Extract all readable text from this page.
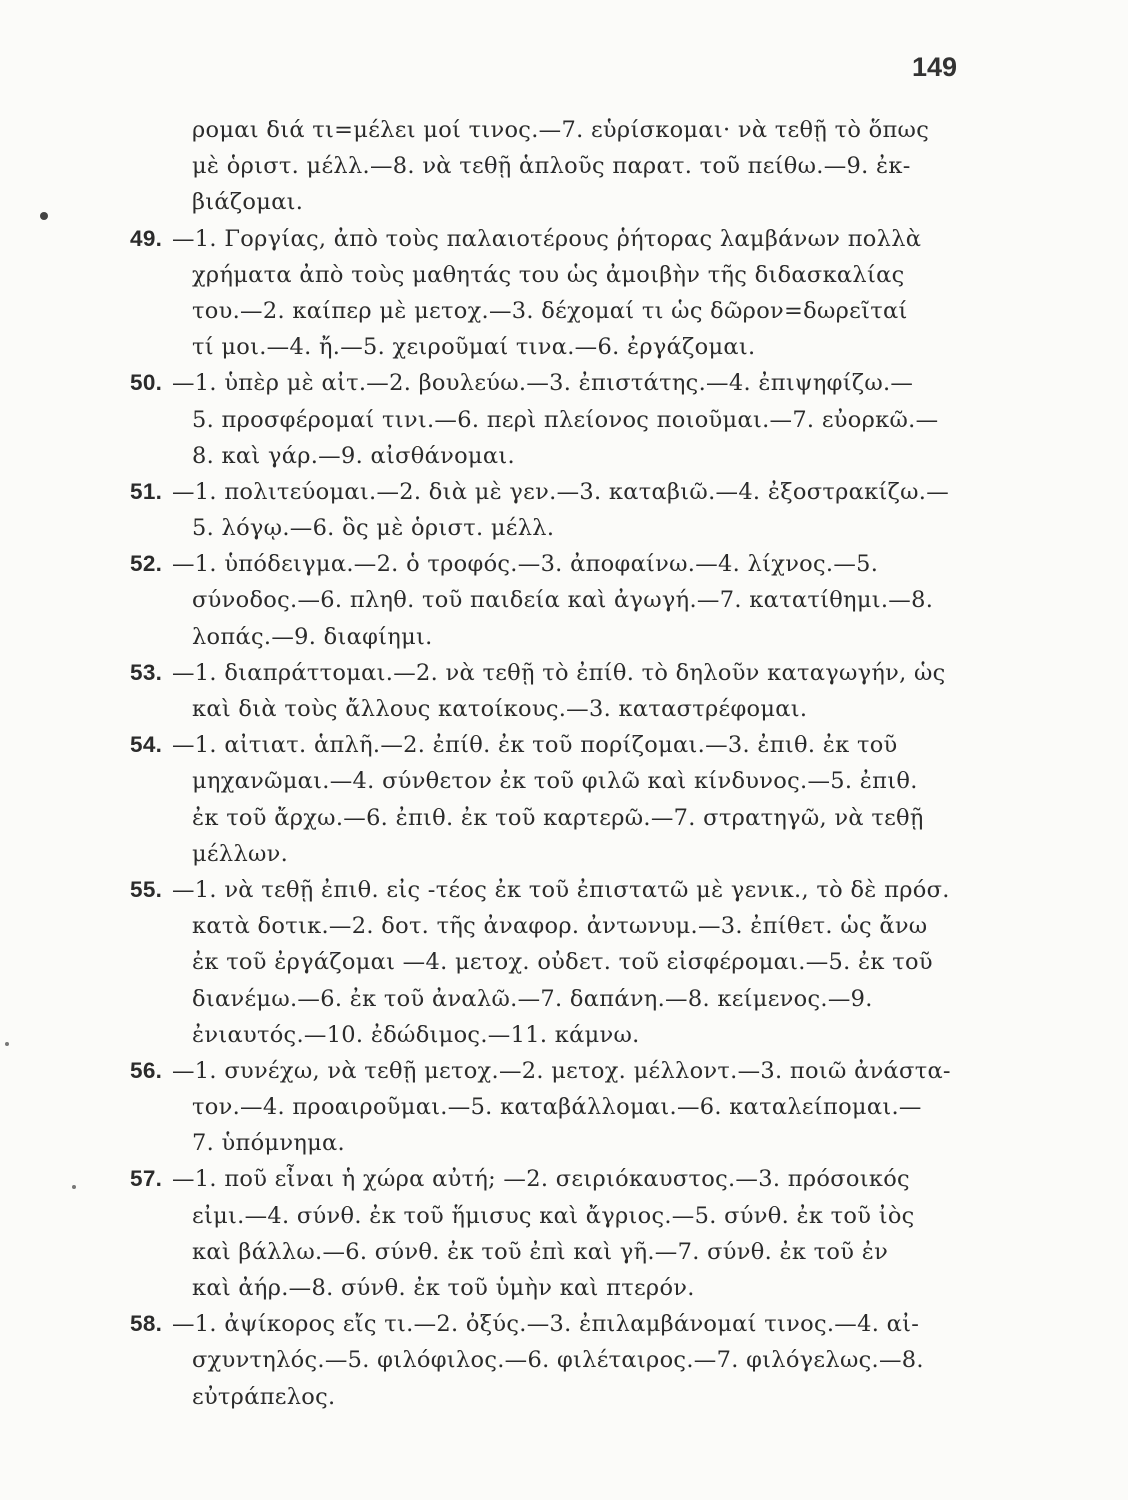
149
ρομαι διά τι=μέλει μοί τινος.—7. εὑρίσκομαι· νὰ τεθῇ τὸ ὅπως
μὲ ὁριστ. μέλλ.—8. νὰ τεθῇ ἁπλοῦς παρατ. τοῦ πείθω.—9. ἐκ-
βιάζομαι.
49. —1. Γοργίας, ἀπὸ τοὺς παλαιοτέρους ῥήτορας λαμβάνων πολλὰ
χρήματα ἀπὸ τοὺς μαθητάς του ὡς ἀμοιβὴν τῆς διδασκαλίας
του.—2. καίπερ μὲ μετοχ.—3. δέχομαί τι ὡς δῶρον=δωρεῖταί
τί μοι.—4. ἤ.—5. χειροῦμαί τινα.—6. ἐργάζομαι.
50. —1. ὑπὲρ μὲ αἰτ.—2. βουλεύω.—3. ἐπιστάτης.—4. ἐπιψηφίζω.—
5. προσφέρομαί τινι.—6. περὶ πλείονος ποιοῦμαι.—7. εὐορκῶ.—
8. καὶ γάρ.—9. αἰσθάνομαι.
51. —1. πολιτεύομαι.—2. διὰ μὲ γεν.—3. καταβιῶ.—4. ἐξοστρακίζω.—
5. λόγῳ.—6. ὃς μὲ ὁριστ. μέλλ.
52. —1. ὑπόδειγμα.—2. ὁ τροφός.—3. ἀποφαίνω.—4. λίχνος.—5.
σύνοδος.—6. πληθ. τοῦ παιδεία καὶ ἀγωγή.—7. κατατίθημι.—8.
λοπάς.—9. διαφίημι.
53. —1. διαπράττομαι.—2. νὰ τεθῇ τὸ ἐπίθ. τὸ δηλοῦν καταγωγήν, ὡς
καὶ διὰ τοὺς ἄλλους κατοίκους.—3. καταστρέφομαι.
54. —1. αἰτιατ. ἁπλῆ.—2. ἐπίθ. ἐκ τοῦ πορίζομαι.—3. ἐπιθ. ἐκ τοῦ
μηχανῶμαι.—4. σύνθετον ἐκ τοῦ φιλῶ καὶ κίνδυνος.—5. ἐπιθ.
ἐκ τοῦ ἄρχω.—6. ἐπιθ. ἐκ τοῦ καρτερῶ.—7. στρατηγῶ, νὰ τεθῇ
μέλλων.
55. —1. νὰ τεθῇ ἐπιθ. εἰς -τέος ἐκ τοῦ ἐπιστατῶ μὲ γενικ., τὸ δὲ πρόσ.
κατὰ δοτικ.—2. δοτ. τῆς ἀναφορ. ἀντωνυμ.—3. ἐπίθετ. ὡς ἄνω
ἐκ τοῦ ἐργάζομαι —4. μετοχ. οὐδετ. τοῦ εἰσφέρομαι.—5. ἐκ τοῦ
διανέμω.—6. ἐκ τοῦ ἀναλῶ.—7. δαπάνη.—8. κείμενος.—9.
ἐνιαυτός.—10. ἐδώδιμος.—11. κάμνω.
56. —1. συνέχω, νὰ τεθῇ μετοχ.—2. μετοχ. μέλλοντ.—3. ποιῶ ἀνάστα-
τον.—4. προαιροῦμαι.—5. καταβάλλομαι.—6. καταλείπομαι.—
7. ὑπόμνημα.
57. —1. ποῦ εἶναι ἡ χώρα αὐτή; —2. σειριόκαυστος.—3. πρόσοικός
εἰμι.—4. σύνθ. ἐκ τοῦ ἥμισυς καὶ ἄγριος.—5. σύνθ. ἐκ τοῦ ἰὸς
καὶ βάλλω.—6. σύνθ. ἐκ τοῦ ἐπὶ καὶ γῆ.—7. σύνθ. ἐκ τοῦ ἐν
καὶ ἀήρ.—8. σύνθ. ἐκ τοῦ ὑμὴν καὶ πτερόν.
58. —1. ἀψίκορος εἴς τι.—2. ὀξύς.—3. ἐπιλαμβάνομαί τινος.—4. αἰ-
σχυντηλός.—5. φιλόφιλος.—6. φιλέταιρος.—7. φιλόγελως.—8.
εὐτράπελος.
